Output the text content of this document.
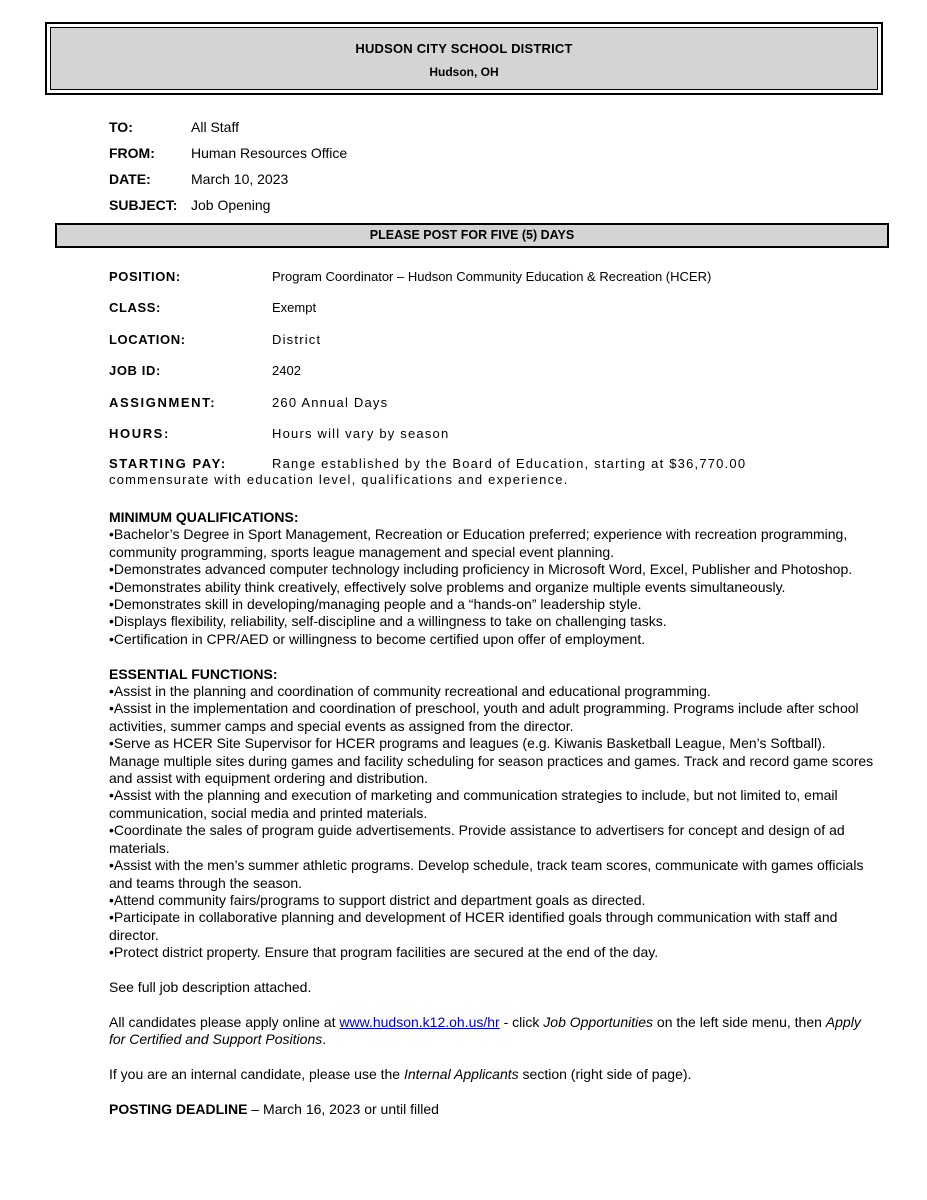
HUDSON CITY SCHOOL DISTRICT
Hudson, OH
TO:	All Staff
FROM:	Human Resources Office
DATE:	March 10, 2023
SUBJECT: Job Opening
PLEASE POST FOR FIVE (5) DAYS
POSITION:	Program Coordinator – Hudson Community Education & Recreation (HCER)
CLASS:	Exempt
LOCATION:	District
JOB ID:	2402
ASSIGNMENT:	260 Annual Days
HOURS:	Hours will vary by season
STARTING PAY:	Range established by the Board of Education, starting at $36,770.00
commensurate with education level, qualifications and experience.
MINIMUM QUALIFICATIONS:
•Bachelor’s Degree in Sport Management, Recreation or Education preferred; experience with recreation programming, community programming, sports league management and special event planning.
•Demonstrates advanced computer technology including proficiency in Microsoft Word, Excel, Publisher and Photoshop.
•Demonstrates ability think creatively, effectively solve problems and organize multiple events simultaneously.
•Demonstrates skill in developing/managing people and a “hands-on” leadership style.
•Displays flexibility, reliability, self-discipline and a willingness to take on challenging tasks.
•Certification in CPR/AED or willingness to become certified upon offer of employment.
ESSENTIAL FUNCTIONS:
•Assist in the planning and coordination of community recreational and educational programming.
•Assist in the implementation and coordination of preschool, youth and adult programming. Programs include after school activities, summer camps and special events as assigned from the director.
•Serve as HCER Site Supervisor for HCER programs and leagues (e.g. Kiwanis Basketball League, Men’s Softball). Manage multiple sites during games and facility scheduling for season practices and games. Track and record game scores and assist with equipment ordering and distribution.
•Assist with the planning and execution of marketing and communication strategies to include, but not limited to, email communication, social media and printed materials.
•Coordinate the sales of program guide advertisements. Provide assistance to advertisers for concept and design of ad materials.
•Assist with the men’s summer athletic programs. Develop schedule, track team scores, communicate with games officials and teams through the season.
•Attend community fairs/programs to support district and department goals as directed.
•Participate in collaborative planning and development of HCER identified goals through communication with staff and director.
•Protect district property. Ensure that program facilities are secured at the end of the day.
See full job description attached.
All candidates please apply online at www.hudson.k12.oh.us/hr - click Job Opportunities on the left side menu, then Apply for Certified and Support Positions.
If you are an internal candidate, please use the Internal Applicants section (right side of page).
POSTING DEADLINE – March 16, 2023 or until filled
